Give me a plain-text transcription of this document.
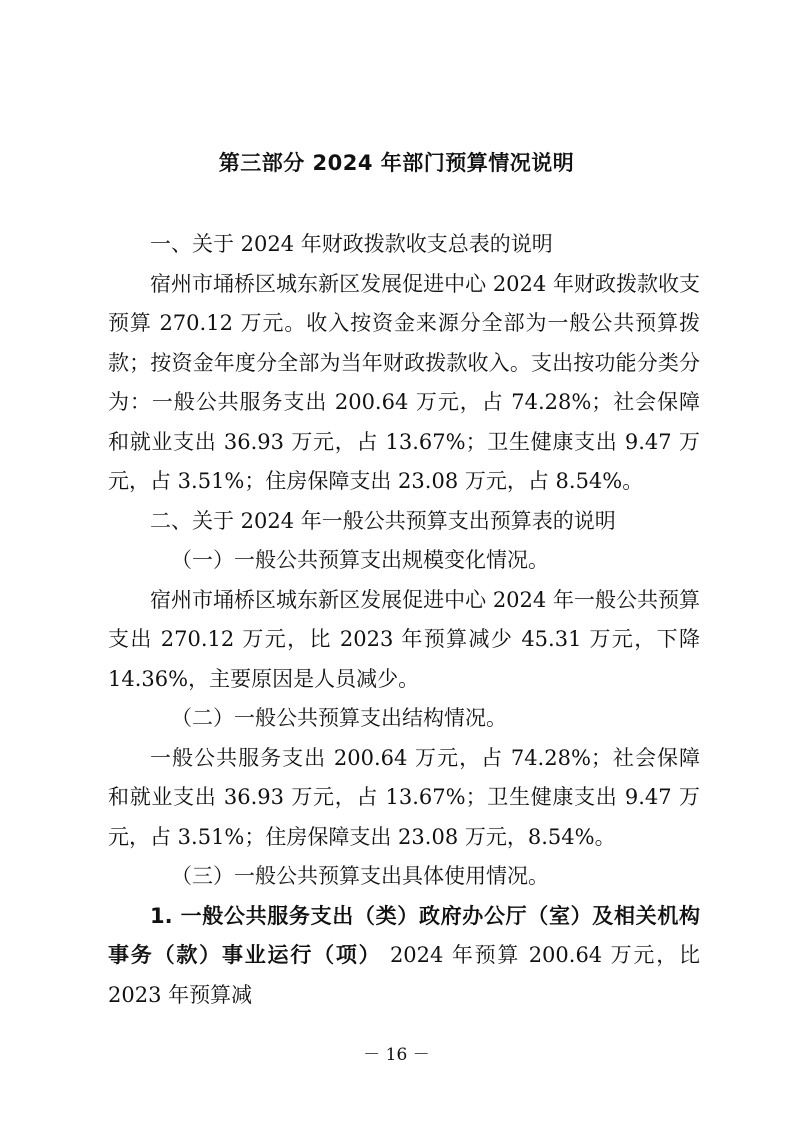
第三部分 2024 年部门预算情况说明

一、关于 2024 年财政拨款收支总表的说明

宿州市埇桥区城东新区发展促进中心 2024 年财政拨款收支预算 270.12 万元。收入按资金来源分全部为一般公共预算拨款；按资金年度分全部为当年财政拨款收入。支出按功能分类分为：一般公共服务支出 200.64 万元，占 74.28%；社会保障和就业支出 36.93 万元，占 13.67%；卫生健康支出 9.47 万元，占 3.51%；住房保障支出 23.08 万元，占 8.54%。

二、关于 2024 年一般公共预算支出预算表的说明

（一）一般公共预算支出规模变化情况。

宿州市埇桥区城东新区发展促进中心 2024 年一般公共预算支出 270.12 万元，比 2023 年预算减少 45.31 万元，下降 14.36%，主要原因是人员减少。

（二）一般公共预算支出结构情况。

一般公共服务支出 200.64 万元，占 74.28%；社会保障和就业支出 36.93 万元，占 13.67%；卫生健康支出 9.47 万元，占 3.51%；住房保障支出 23.08 万元，8.54%。

（三）一般公共预算支出具体使用情况。

1. 一般公共服务支出（类）政府办公厅（室）及相关机构事务（款）事业运行（项） 2024 年预算 200.64 万元，比 2023 年预算减

－ 16 －
